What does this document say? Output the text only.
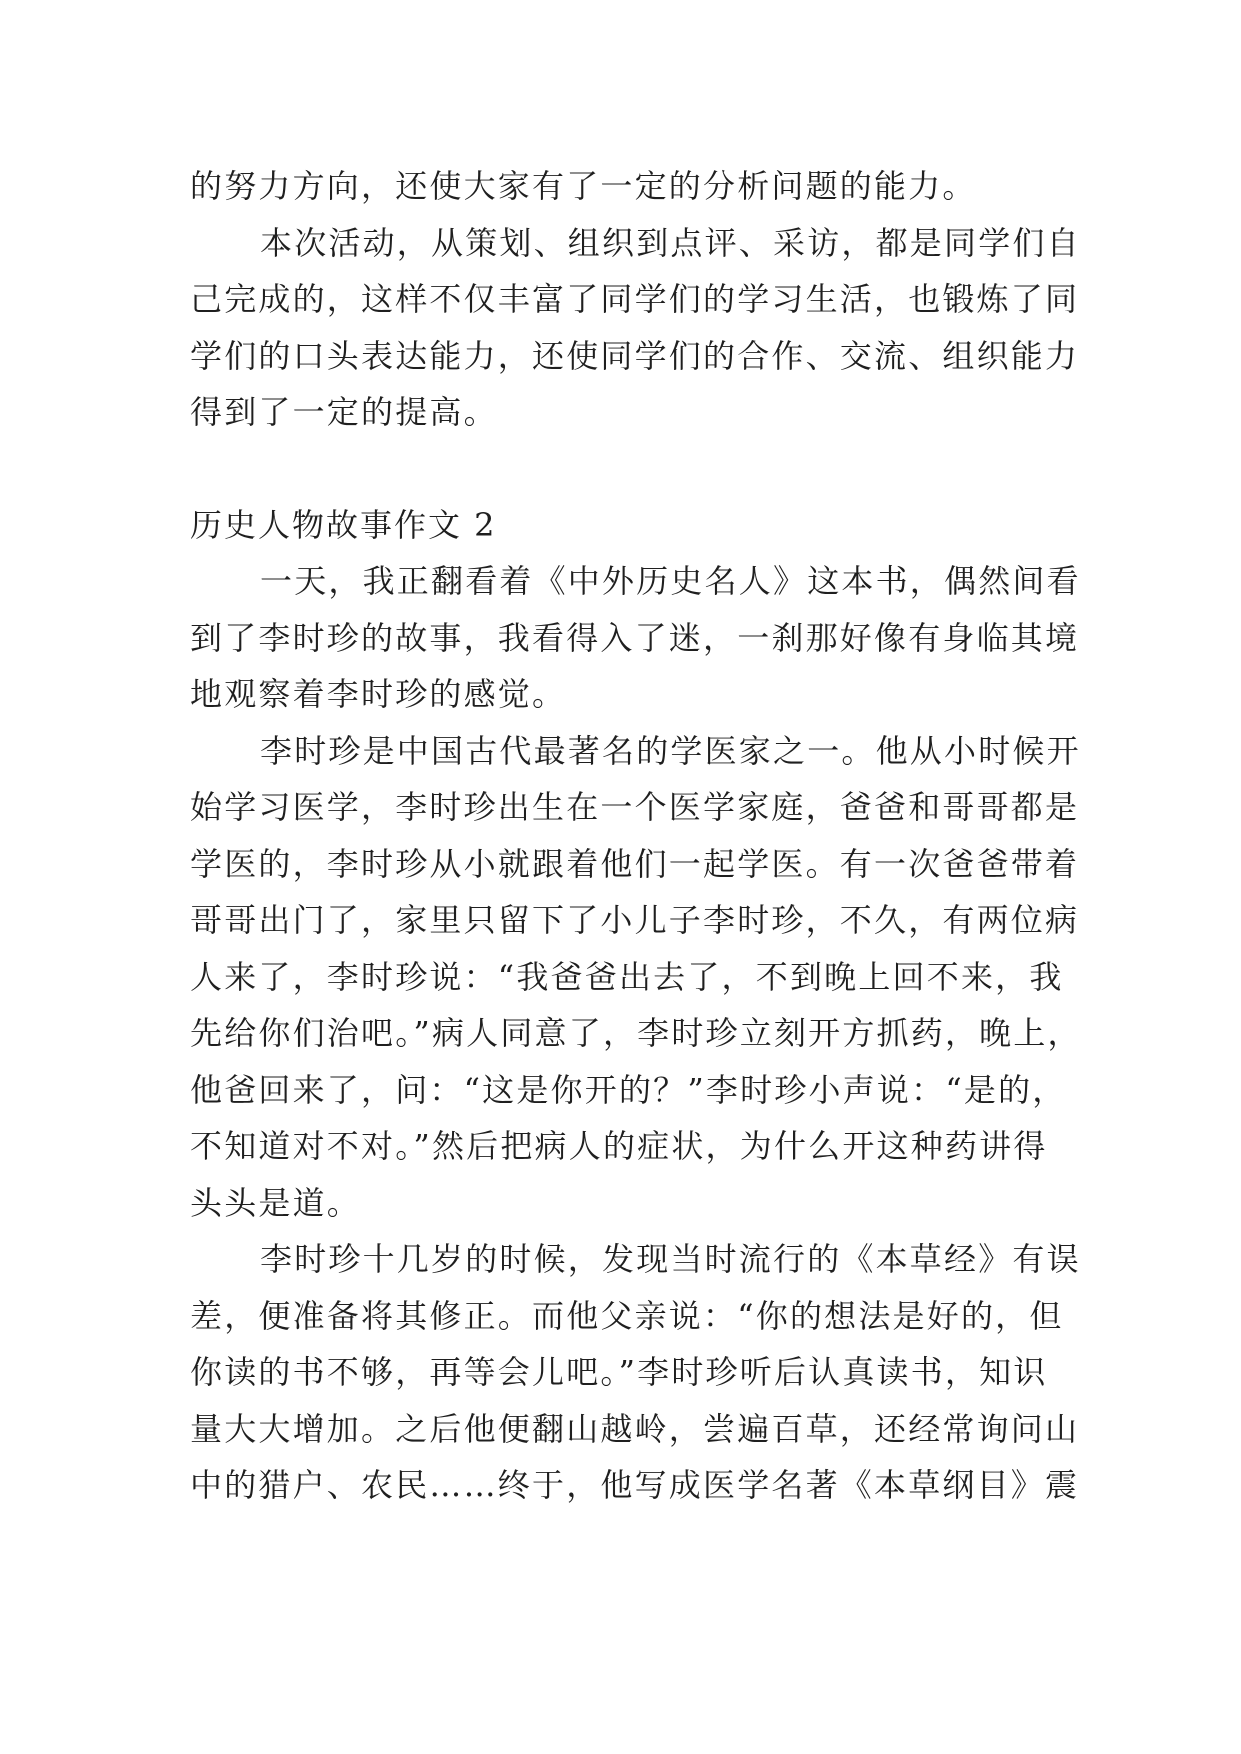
的努力方向，还使大家有了一定的分析问题的能力。
本次活动，从策划、组织到点评、采访，都是同学们自
己完成的，这样不仅丰富了同学们的学习生活，也锻炼了同
学们的口头表达能力，还使同学们的合作、交流、组织能力
得到了一定的提高。
历史人物故事作文 2
一天，我正翻看着《中外历史名人》这本书，偶然间看
到了李时珍的故事，我看得入了迷，一刹那好像有身临其境
地观察着李时珍的感觉。
李时珍是中国古代最著名的学医家之一。他从小时候开
始学习医学，李时珍出生在一个医学家庭，爸爸和哥哥都是
学医的，李时珍从小就跟着他们一起学医。有一次爸爸带着
哥哥出门了，家里只留下了小儿子李时珍，不久，有两位病
人来了，李时珍说：“我爸爸出去了，不到晚上回不来，我
先给你们治吧。”病人同意了，李时珍立刻开方抓药，晚上，
他爸回来了，问：“这是你开的？”李时珍小声说：“是的，
不知道对不对。”然后把病人的症状，为什么开这种药讲得
头头是道。
李时珍十几岁的时候，发现当时流行的《本草经》有误
差，便准备将其修正。而他父亲说：“你的想法是好的，但
你读的书不够，再等会儿吧。”李时珍听后认真读书，知识
量大大增加。之后他便翻山越岭，尝遍百草，还经常询问山
中的猎户、农民……终于，他写成医学名著《本草纲目》震
